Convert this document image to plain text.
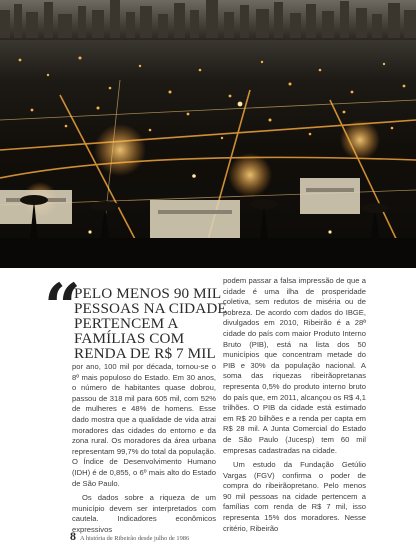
“

PELO MENOS 90 MIL PESSOAS NA CIDADE PERTENCEM A FAMÍLIAS COM RENDA DE R$ 7 MIL

por ano, 100 mil por década, tornou-se o 8º mais populoso do Estado. Em 30 anos, o número de habitantes quase dobrou, passou de 318 mil para 605 mil, com 52% de mulheres e 48% de homens. Esse dado mostra que a qualidade de vida atrai moradores das cidades do entorno e da zona rural. Os moradores da área urbana representam 99,7% do total da população. O Índice de Desenvolvimento Humano (IDH) é de 0,855, o 6º mais alto do Estado de São Paulo.

Os dados sobre a riqueza de um município devem ser interpretados com cautela. Indicadores econômicos expressivos

podem passar a falsa impressão de que a cidade é uma ilha de prosperidade coletiva, sem redutos de miséria ou de pobreza. De acordo com dados do IBGE, divulgados em 2010, Ribeirão é a 28ª cidade do país com maior Produto Interno Bruto (PIB), está na lista dos 50 municípios que concentram metade do PIB e 30% da população nacional. A soma das riquezas ribeirãopretanas representa 0,5% do produto interno bruto do país que, em 2011, alcançou os R$ 4,1 trilhões. O PIB da cidade está estimado em R$ 20 bilhões e a renda per capta em R$ 28 mil. A Junta Comercial do Estado de São Paulo (Jucesp) tem 60 mil empresas cadastradas na cidade.

Um estudo da Fundação Getúlio Vargas (FGV) confirma o poder de compra do ribeirãopretano. Pelo menos 90 mil pessoas na cidade pertencem a famílias com renda de R$ 7 mil, isso representa 15% dos moradores. Nesse critério, Ribeirão

8 A história de Ribeirão desde julho de 1986
